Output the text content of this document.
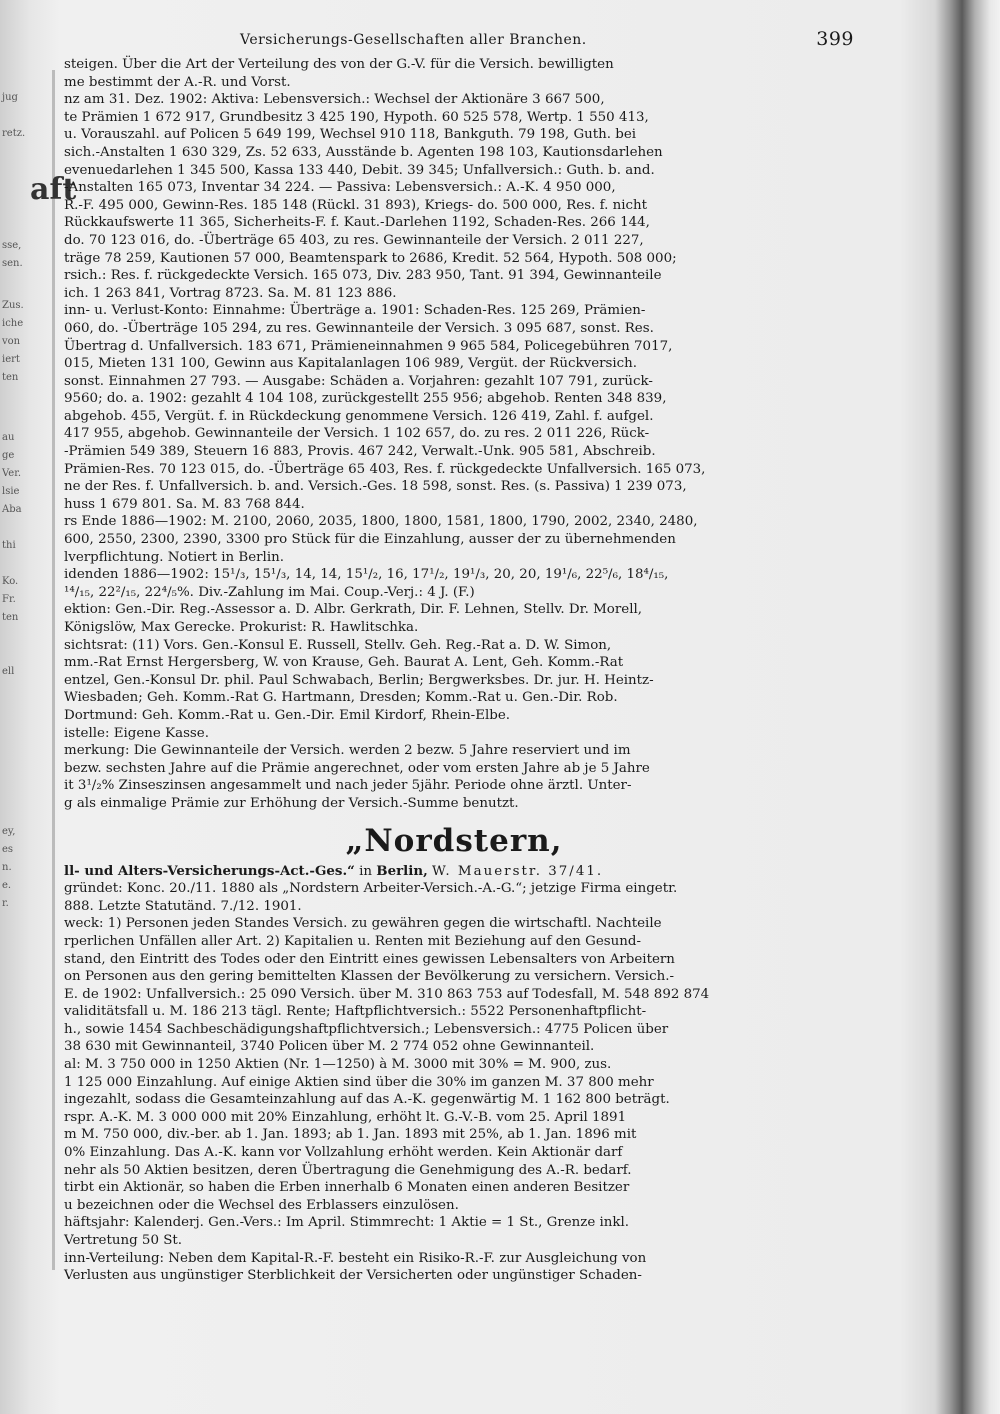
jug
retz.
aft
sse,
sen.
Zus.
iche
von
iert
ten
au
ge
Ver.
lsie
Aba
thi
Ko.
Fr.
ten
ell
ey,
es
n.
e.
r.
Versicherungs-Gesellschaften aller Branchen.	399

steigen. Über die Art der Verteilung des von der G.-V. für die Versich. bewilligten

me bestimmt der A.-R. und Vorst.

nz am 31. Dez. 1902: Aktiva: Lebensversich.: Wechsel der Aktionäre 3 667 500,

te Prämien 1 672 917, Grundbesitz 3 425 190, Hypoth. 60 525 578, Wertp. 1 550 413,

u. Vorauszahl. auf Policen 5 649 199, Wechsel 910 118, Bankguth. 79 198, Guth. bei

sich.-Anstalten 1 630 329, Zs. 52 633, Ausstände b. Agenten 198 103, Kautionsdarlehen

evenuedarlehen 1 345 500, Kassa 133 440, Debit. 39 345; Unfallversich.: Guth. b. and.

-Anstalten 165 073, Inventar 34 224. — Passiva: Lebensversich.: A.-K. 4 950 000,

R.-F. 495 000, Gewinn-Res. 185 148 (Rückl. 31 893), Kriegs- do. 500 000, Res. f. nicht

Rückkaufswerte 11 365, Sicherheits-F. f. Kaut.-Darlehen 1192, Schaden-Res. 266 144,

do. 70 123 016, do. -Überträge 65 403, zu res. Gewinnanteile der Versich. 2 011 227,

träge 78 259, Kautionen 57 000, Beamtenspark to 2686, Kredit. 52 564, Hypoth. 508 000;

rsich.: Res. f. rückgedeckte Versich. 165 073, Div. 283 950, Tant. 91 394, Gewinnanteile

ich. 1 263 841, Vortrag 8723. Sa. M. 81 123 886.

inn- u. Verlust-Konto: Einnahme: Überträge a. 1901: Schaden-Res. 125 269, Prämien-

060, do. -Überträge 105 294, zu res. Gewinnanteile der Versich. 3 095 687, sonst. Res.

Übertrag d. Unfallversich. 183 671, Prämieneinnahmen 9 965 584, Policegebühren 7017,

015, Mieten 131 100, Gewinn aus Kapitalanlagen 106 989, Vergüt. der Rückversich.

sonst. Einnahmen 27 793. — Ausgabe: Schäden a. Vorjahren: gezahlt 107 791, zurück-

9560; do. a. 1902: gezahlt 4 104 108, zurückgestellt 255 956; abgehob. Renten 348 839,

abgehob. 455, Vergüt. f. in Rückdeckung genommene Versich. 126 419, Zahl. f. aufgel.

417 955, abgehob. Gewinnanteile der Versich. 1 102 657, do. zu res. 2 011 226, Rück-

-Prämien 549 389, Steuern 16 883, Provis. 467 242, Verwalt.-Unk. 905 581, Abschreib.

Prämien-Res. 70 123 015, do. -Überträge 65 403, Res. f. rückgedeckte Unfallversich. 165 073,

ne der Res. f. Unfallversich. b. and. Versich.-Ges. 18 598, sonst. Res. (s. Passiva) 1 239 073,

huss 1 679 801. Sa. M. 83 768 844.

rs Ende 1886—1902: M. 2100, 2060, 2035, 1800, 1800, 1581, 1800, 1790, 2002, 2340, 2480,

600, 2550, 2300, 2390, 3300 pro Stück für die Einzahlung, ausser der zu übernehmenden

lverpflichtung. Notiert in Berlin.

idenden 1886—1902: 15¹/₃, 15¹/₃, 14, 14, 15¹/₂, 16, 17¹/₂, 19¹/₃, 20, 20, 19¹/₆, 22⁵/₆, 18⁴/₁₅,

¹⁴/₁₅, 22²/₁₅, 22⁴/₅%. Div.-Zahlung im Mai. Coup.-Verj.: 4 J. (F.)

ektion: Gen.-Dir. Reg.-Assessor a. D. Albr. Gerkrath, Dir. F. Lehnen, Stellv. Dr. Morell,

Königslöw, Max Gerecke. Prokurist: R. Hawlitschka.

sichtsrat: (11) Vors. Gen.-Konsul E. Russell, Stellv. Geh. Reg.-Rat a. D. W. Simon,

mm.-Rat Ernst Hergersberg, W. von Krause, Geh. Baurat A. Lent, Geh. Komm.-Rat

entzel, Gen.-Konsul Dr. phil. Paul Schwabach, Berlin; Bergwerksbes. Dr. jur. H. Heintz-

Wiesbaden; Geh. Komm.-Rat G. Hartmann, Dresden; Komm.-Rat u. Gen.-Dir. Rob.

Dortmund: Geh. Komm.-Rat u. Gen.-Dir. Emil Kirdorf, Rhein-Elbe.

istelle: Eigene Kasse.

merkung: Die Gewinnanteile der Versich. werden 2 bezw. 5 Jahre reserviert und im

bezw. sechsten Jahre auf die Prämie angerechnet, oder vom ersten Jahre ab je 5 Jahre

it 3¹/₂% Zinseszinsen angesammelt und nach jeder 5jähr. Periode ohne ärztl. Unter-

g als einmalige Prämie zur Erhöhung der Versich.-Summe benutzt.

„Nordstern,

ll- und Alters-Versicherungs-Act.-Ges.“ in Berlin, W. Mauerstr. 37/41.

gründet: Konc. 20./11. 1880 als „Nordstern Arbeiter-Versich.-A.-G.“; jetzige Firma eingetr.

888. Letzte Statutänd. 7./12. 1901.

weck: 1) Personen jeden Standes Versich. zu gewähren gegen die wirtschaftl. Nachteile

rperlichen Unfällen aller Art. 2) Kapitalien u. Renten mit Beziehung auf den Gesund-

stand, den Eintritt des Todes oder den Eintritt eines gewissen Lebensalters von Arbeitern

on Personen aus den gering bemittelten Klassen der Bevölkerung zu versichern. Versich.-

E. de 1902: Unfallversich.: 25 090 Versich. über M. 310 863 753 auf Todesfall, M. 548 892 874

validitätsfall u. M. 186 213 tägl. Rente; Haftpflichtversich.: 5522 Personenhaftpflicht-

h., sowie 1454 Sachbeschädigungshaftpflichtversich.; Lebensversich.: 4775 Policen über

38 630 mit Gewinnanteil, 3740 Policen über M. 2 774 052 ohne Gewinnanteil.

al: M. 3 750 000 in 1250 Aktien (Nr. 1—1250) à M. 3000 mit 30% = M. 900, zus.

1 125 000 Einzahlung. Auf einige Aktien sind über die 30% im ganzen M. 37 800 mehr

ingezahlt, sodass die Gesamteinzahlung auf das A.-K. gegenwärtig M. 1 162 800 beträgt.

rspr. A.-K. M. 3 000 000 mit 20% Einzahlung, erhöht lt. G.-V.-B. vom 25. April 1891

m M. 750 000, div.-ber. ab 1. Jan. 1893; ab 1. Jan. 1893 mit 25%, ab 1. Jan. 1896 mit

0% Einzahlung. Das A.-K. kann vor Vollzahlung erhöht werden. Kein Aktionär darf

nehr als 50 Aktien besitzen, deren Übertragung die Genehmigung des A.-R. bedarf.

tirbt ein Aktionär, so haben die Erben innerhalb 6 Monaten einen anderen Besitzer

u bezeichnen oder die Wechsel des Erblassers einzulösen.

häftsjahr: Kalenderj. Gen.-Vers.: Im April. Stimmrecht: 1 Aktie = 1 St., Grenze inkl.

Vertretung 50 St.

inn-Verteilung: Neben dem Kapital-R.-F. besteht ein Risiko-R.-F. zur Ausgleichung von

Verlusten aus ungünstiger Sterblichkeit der Versicherten oder ungünstiger Schaden-
